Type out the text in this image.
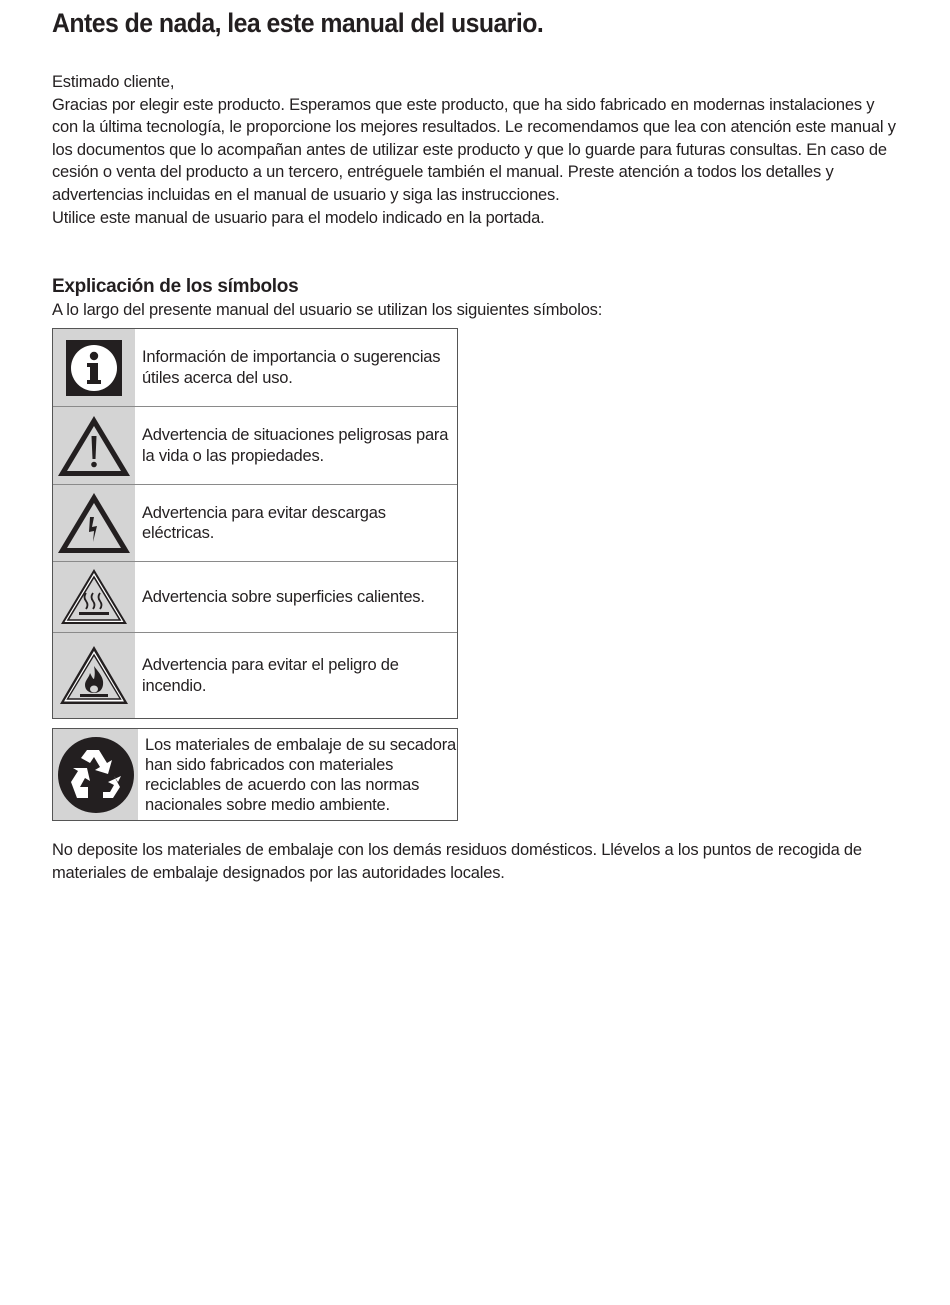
Antes de nada, lea este manual del usuario.

Estimado cliente,

Gracias por elegir este producto. Esperamos que este producto, que ha sido fabricado en modernas instalaciones y con la última tecnología, le proporcione los mejores resultados. Le recomendamos que lea con atención este manual y los documentos que lo acompañan antes de utilizar este producto y que lo guarde para futuras consultas. En caso de cesión o venta del producto a un tercero, entréguele también el manual. Preste atención a todos los detalles y advertencias incluidas en el manual de usuario y siga las instrucciones.

Utilice este manual de usuario para el modelo indicado en la portada.

Explicación de los símbolos

A lo largo del presente manual del usuario se utilizan los siguientes símbolos:

Información de importancia o sugerencias útiles acerca del uso.
Advertencia de situaciones peligrosas para la vida o las propiedades.
Advertencia para evitar descargas eléctricas.
Advertencia sobre superficies calientes.
Advertencia para evitar el peligro de incendio.
Los materiales de embalaje de su secadora han sido fabricados con materiales reciclables de acuerdo con las normas nacionales sobre medio ambiente.

No deposite los materiales de embalaje con los demás residuos domésticos. Llévelos a los puntos de recogida de materiales de embalaje designados por las autoridades locales.
